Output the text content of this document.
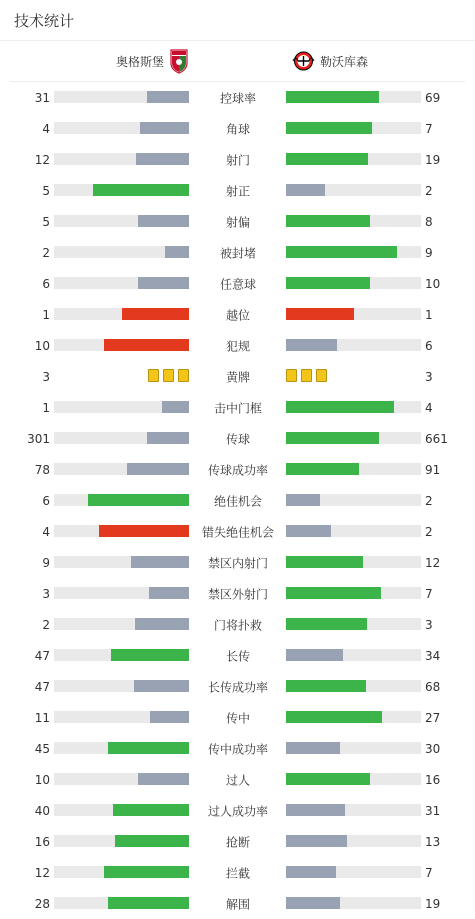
技术统计
奥格斯堡	勒沃库森
31	控球率	69
4	角球	7
12	射门	19
5	射正	2
5	射偏	8
2	被封堵	9
6	任意球	10
1	越位	1
10	犯规	6
3	黄牌	3
1	击中门框	4
301	传球	661
78	传球成功率	91
6	绝佳机会	2
4	错失绝佳机会	2
9	禁区内射门	12
3	禁区外射门	7
2	门将扑救	3
47	长传	34
47	长传成功率	68
11	传中	27
45	传中成功率	30
10	过人	16
40	过人成功率	31
16	抢断	13
12	拦截	7
28	解围	19
